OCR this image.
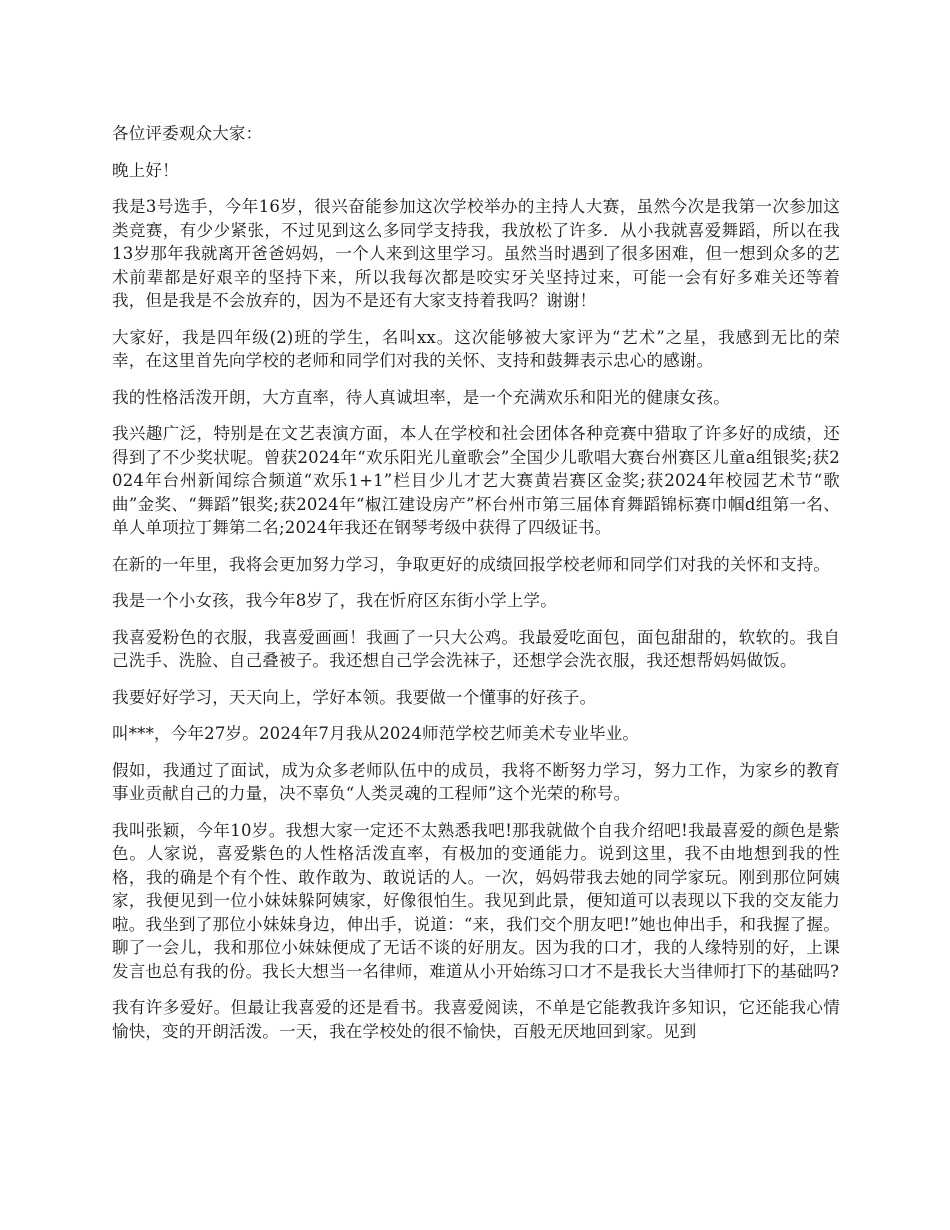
各位评委观众大家：

晚上好！

我是3号选手，今年16岁，很兴奋能参加这次学校举办的主持人大赛，虽然今次是我第一次参加这类竞赛，有少少紧张，不过见到这么多同学支持我，我放松了许多．从小我就喜爱舞蹈，所以在我13岁那年我就离开爸爸妈妈，一个人来到这里学习。虽然当时遇到了很多困难，但一想到众多的艺术前辈都是好艰辛的坚持下来，所以我每次都是咬实牙关坚持过来，可能一会有好多难关还等着我，但是我是不会放弃的，因为不是还有大家支持着我吗？谢谢！

大家好，我是四年级(2)班的学生，名叫xx。这次能够被大家评为“艺术”之星，我感到无比的荣幸，在这里首先向学校的老师和同学们对我的关怀、支持和鼓舞表示忠心的感谢。

我的性格活泼开朗，大方直率，待人真诚坦率，是一个充满欢乐和阳光的健康女孩。

我兴趣广泛，特别是在文艺表演方面，本人在学校和社会团体各种竞赛中猎取了许多好的成绩，还得到了不少奖状呢。曾获2024年“欢乐阳光儿童歌会”全国少儿歌唱大赛台州赛区儿童a组银奖;获2024年台州新闻综合频道“欢乐1+1”栏目少儿才艺大赛黄岩赛区金奖;获2024年校园艺术节“歌曲”金奖、“舞蹈”银奖;获2024年“椒江建设房产”杯台州市第三届体育舞蹈锦标赛巾帼d组第一名、单人单项拉丁舞第二名;2024年我还在钢琴考级中获得了四级证书。

在新的一年里，我将会更加努力学习，争取更好的成绩回报学校老师和同学们对我的关怀和支持。

我是一个小女孩，我今年8岁了，我在忻府区东街小学上学。

我喜爱粉色的衣服，我喜爱画画！我画了一只大公鸡。我最爱吃面包，面包甜甜的，软软的。我自己洗手、洗脸、自己叠被子。我还想自己学会洗袜子，还想学会洗衣服，我还想帮妈妈做饭。

我要好好学习，天天向上，学好本领。我要做一个懂事的好孩子。

叫***，今年27岁。2024年7月我从2024师范学校艺师美术专业毕业。

假如，我通过了面试，成为众多老师队伍中的成员，我将不断努力学习，努力工作，为家乡的教育事业贡献自己的力量，决不辜负“人类灵魂的工程师”这个光荣的称号。

我叫张颖，今年10岁。我想大家一定还不太熟悉我吧!那我就做个自我介绍吧!我最喜爱的颜色是紫色。人家说，喜爱紫色的人性格活泼直率，有极加的变通能力。说到这里，我不由地想到我的性格，我的确是个有个性、敢作敢为、敢说话的人。一次，妈妈带我去她的同学家玩。刚到那位阿姨家，我便见到一位小妹妹躲阿姨家，好像很怕生。我见到此景，便知道可以表现以下我的交友能力啦。我坐到了那位小妹妹身边，伸出手，说道：“来，我们交个朋友吧!”她也伸出手，和我握了握。聊了一会儿，我和那位小妹妹便成了无话不谈的好朋友。因为我的口才，我的人缘特别的好，上课发言也总有我的份。我长大想当一名律师，难道从小开始练习口才不是我长大当律师打下的基础吗?

我有许多爱好。但最让我喜爱的还是看书。我喜爱阅读，不单是它能教我许多知识，它还能我心情愉快，变的开朗活泼。一天，我在学校处的很不愉快，百般无厌地回到家。见到
